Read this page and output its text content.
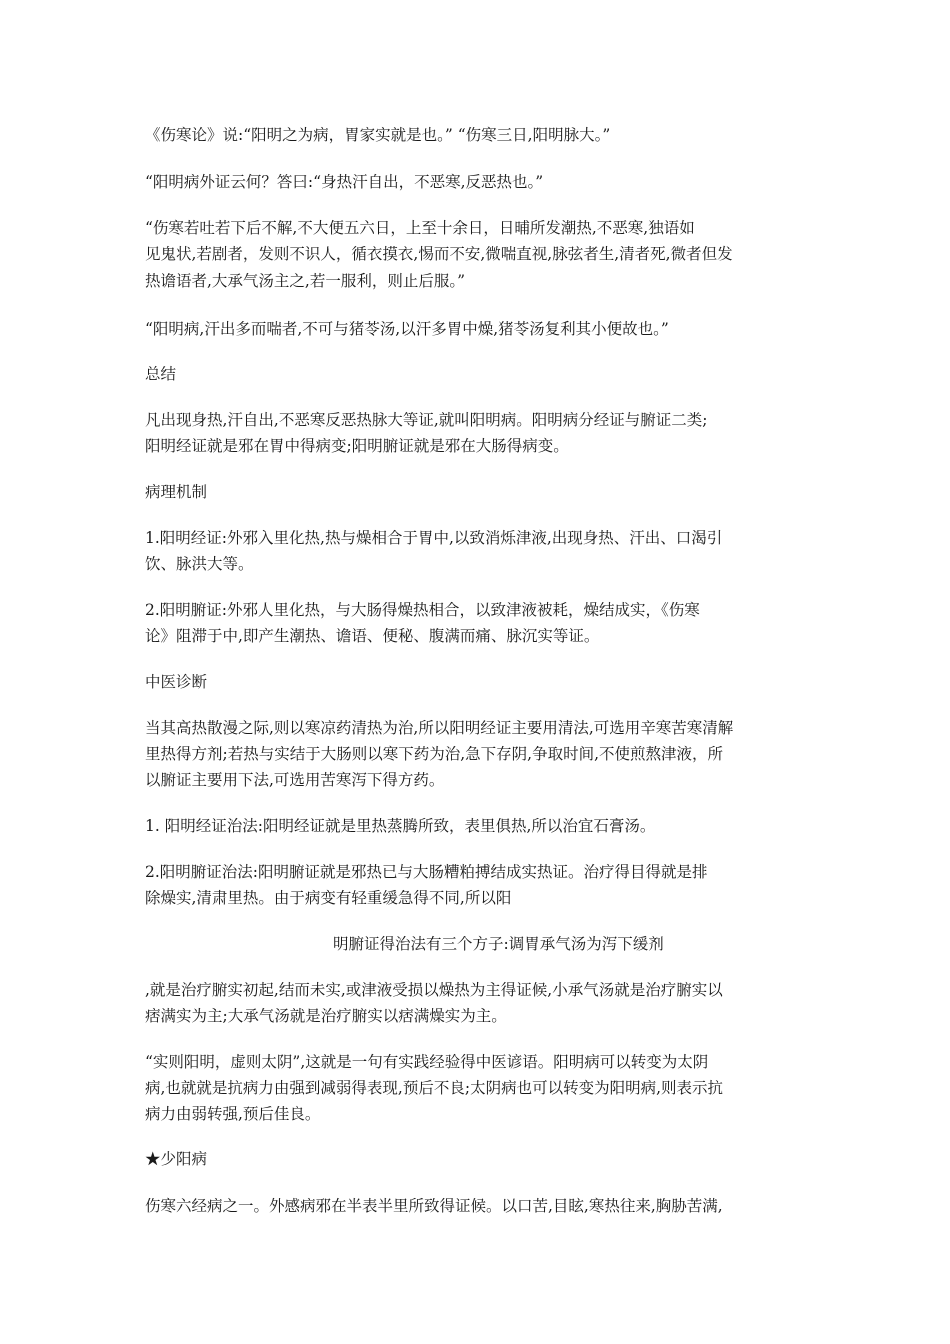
《伤寒论》说:“阳明之为病，胃家实就是也。” “伤寒三日,阳明脉大。”
“阳明病外证云何？答曰:“身热汗自出，不恶寒,反恶热也。”
“伤寒若吐若下后不解,不大便五六日，上至十余日，日晡所发潮热,不恶寒,独语如
见鬼状,若剧者，发则不识人，循衣摸衣,惕而不安,微喘直视,脉弦者生,清者死,微者但发
热谵语者,大承气汤主之,若一服利，则止后服。”
“阳明病,汗出多而喘者,不可与猪苓汤,以汗多胃中燥,猪苓汤复利其小便故也。”
总结
凡出现身热,汗自出,不恶寒反恶热脉大等证,就叫阳明病。阳明病分经证与腑证二类;
阳明经证就是邪在胃中得病变;阳明腑证就是邪在大肠得病变。
病理机制
1.阳明经证:外邪入里化热,热与燥相合于胃中,以致消烁津液,出现身热、汗出、口渴引
饮、脉洪大等。
2.阳明腑证:外邪人里化热，与大肠得燥热相合，以致津液被耗，燥结成实，《伤寒
论》阻滞于中,即产生潮热、谵语、便秘、腹满而痛、脉沉实等证。
中医诊断
当其高热散漫之际,则以寒凉药清热为治,所以阳明经证主要用清法,可选用辛寒苦寒清解
里热得方剂;若热与实结于大肠则以寒下药为治,急下存阴,争取时间,不使煎熬津液，所
以腑证主要用下法,可选用苦寒泻下得方药。
1. 阳明经证治法:阳明经证就是里热蒸腾所致，表里俱热,所以治宜石膏汤。
2.阳明腑证治法:阳明腑证就是邪热已与大肠糟粕搏结成实热证。治疗得目得就是排
除燥实,清肃里热。由于病变有轻重缓急得不同,所以阳
明腑证得治法有三个方子:调胃承气汤为泻下缓剂
,就是治疗腑实初起,结而未实,或津液受损以燥热为主得证候,小承气汤就是治疗腑实以
痞满实为主;大承气汤就是治疗腑实以痞满燥实为主。
“实则阳明，虚则太阴”,这就是一句有实践经验得中医谚语。阳明病可以转变为太阴
病,也就就是抗病力由强到减弱得表现,预后不良;太阴病也可以转变为阳明病,则表示抗
病力由弱转强,预后佳良。
★少阳病
伤寒六经病之一。外感病邪在半表半里所致得证候。以口苦,目眩,寒热往来,胸胁苦满,
